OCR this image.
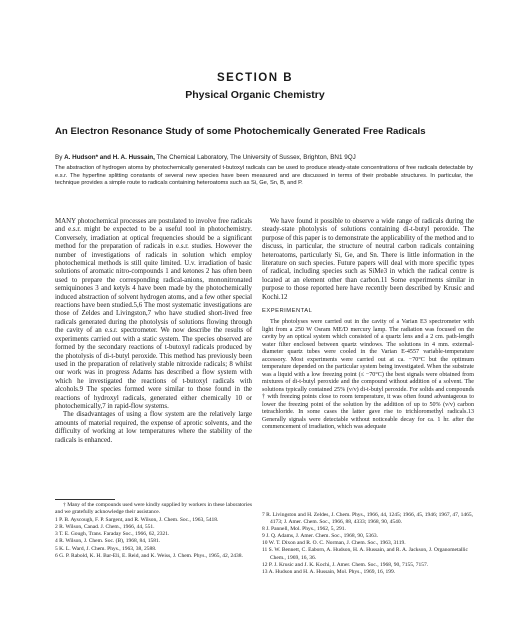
SECTION B
Physical Organic Chemistry
An Electron Resonance Study of some Photochemically Generated Free Radicals
By A. Hudson* and H. A. Hussain, The Chemical Laboratory, The University of Sussex, Brighton, BN1 9QJ
The abstraction of hydrogen atoms by photochemically generated t-butoxyl radicals can be used to produce steady-state concentrations of free radicals detectable by e.s.r. The hyperfine splitting constants of several new species have been measured and are discussed in terms of their probable structures. In particular, the technique provides a simple route to radicals containing heteroatoms such as Si, Ge, Sn, B, and P.

MANY photochemical processes are postulated to involve free radicals and e.s.r. might be expected to be a useful tool in photochemistry. Conversely, irradiation at optical frequencies should be a significant method for the preparation of radicals in e.s.r. studies. However the number of investigations of radicals in solution which employ photochemical methods is still quite limited. U.v. irradiation of basic solutions of aromatic nitro-compounds 1 and ketones 2 has often been used to prepare the corresponding radical-anions, mononitronated semiquinones 3 and ketyls 4 have been made by the photochemically induced abstraction of solvent hydrogen atoms, and a few other special reactions have been studied.5,6 The most systematic investigations are those of Zeldes and Livingston,7 who have studied short-lived free radicals generated during the photolysis of solutions flowing through the cavity of an e.s.r. spectrometer. We now describe the results of experiments carried out with a static system. The species observed are formed by the secondary reactions of t-butoxyl radicals produced by the photolysis of di-t-butyl peroxide. This method has previously been used in the preparation of relatively stable nitroxide radicals; 8 whilst our work was in progress Adams has described a flow system with which he investigated the reactions of t-butoxyl radicals with alcohols.9 The species formed were similar to those found in the reactions of hydroxyl radicals, generated either chemically 10 or photochemically,7 in rapid-flow systems.

The disadvantages of using a flow system are the relatively large amounts of material required, the expense of aprotic solvents, and the difficulty of working at low temperatures where the stability of the radicals is enhanced.

We have found it possible to observe a wide range of radicals during the steady-state photolysis of solutions containing di-t-butyl peroxide. The purpose of this paper is to demonstrate the applicability of the method and to discuss, in particular, the structure of neutral carbon radicals containing heteroatoms, particularly Si, Ge, and Sn. There is little information in the literature on such species. Future papers will deal with more specific types of radical, including species such as SiMe3 in which the radical centre is located at an element other than carbon.11 Some experiments similar in purpose to those reported here have recently been described by Krusic and Kochi.12

EXPERIMENTAL

The photolyses were carried out in the cavity of a Varian E3 spectrometer with light from a 250 W Osram ME/D mercury lamp. The radiation was focused on the cavity by an optical system which consisted of a quartz lens and a 2 cm. path-length water filter enclosed between quartz windows. The solutions in 4 mm. external-diameter quartz tubes were cooled in the Varian E-4557 variable-temperature accessory. Most experiments were carried out at ca. −70°C but the optimum temperature depended on the particular system being investigated. When the substrate was a liquid with a low freezing point (≤ −70°C) the best signals were obtained from mixtures of di-t-butyl peroxide and the compound without addition of a solvent. The solutions typically contained 25% (v/v) di-t-butyl peroxide. For solids and compounds † with freezing points close to room temperature, it was often found advantageous to lower the freezing point of the solution by the addition of up to 50% (v/v) carbon tetrachloride. In some cases the latter gave rise to trichloromethyl radicals.13 Generally signals were detectable without noticeable decay for ca. 1 hr. after the commencement of irradiation, which was adequate

† Many of the compounds used were kindly supplied by workers in these laboratories and we gratefully acknowledge their assistance.
1 P. B. Ayscough, F. P. Sargent, and R. Wilson, J. Chem. Soc., 1963, 5418.
2 R. Wilson, Canad. J. Chem., 1966, 44, 551.
3 T. E. Gough, Trans. Faraday Soc., 1966, 62, 2321.
4 R. Wilson, J. Chem. Soc. (B), 1968, 84, 1581.
5 K. L. Ward, J. Chem. Phys., 1963, 38, 2588.
6 G. P. Rabold, K. H. Bar-Eli, E. Reid, and K. Weiss, J. Chem. Phys., 1965, 42, 2438.
7 R. Livingston and H. Zeldes, J. Chem. Phys., 1966, 44, 1245; 1966, 45, 1946; 1967, 47, 1465, 4173; J. Amer. Chem. Soc., 1966, 88, 4333; 1968, 90, 4540.
8 J. Pannell, Mol. Phys., 1962, 5, 291.
9 J. Q. Adams, J. Amer. Chem. Soc., 1968, 90, 5363.
10 W. T. Dixon and R. O. C. Norman, J. Chem. Soc., 1963, 3119.
11 S. W. Bennett, C. Eaborn, A. Hudson, H. A. Hussain, and R. A. Jackson, J. Organometallic Chem., 1969, 16, 36.
12 P. J. Krusic and J. K. Kochi, J. Amer. Chem. Soc., 1968, 90, 7155, 7157.
13 A. Hudson and H. A. Hussain, Mol. Phys., 1969, 16, 199.
